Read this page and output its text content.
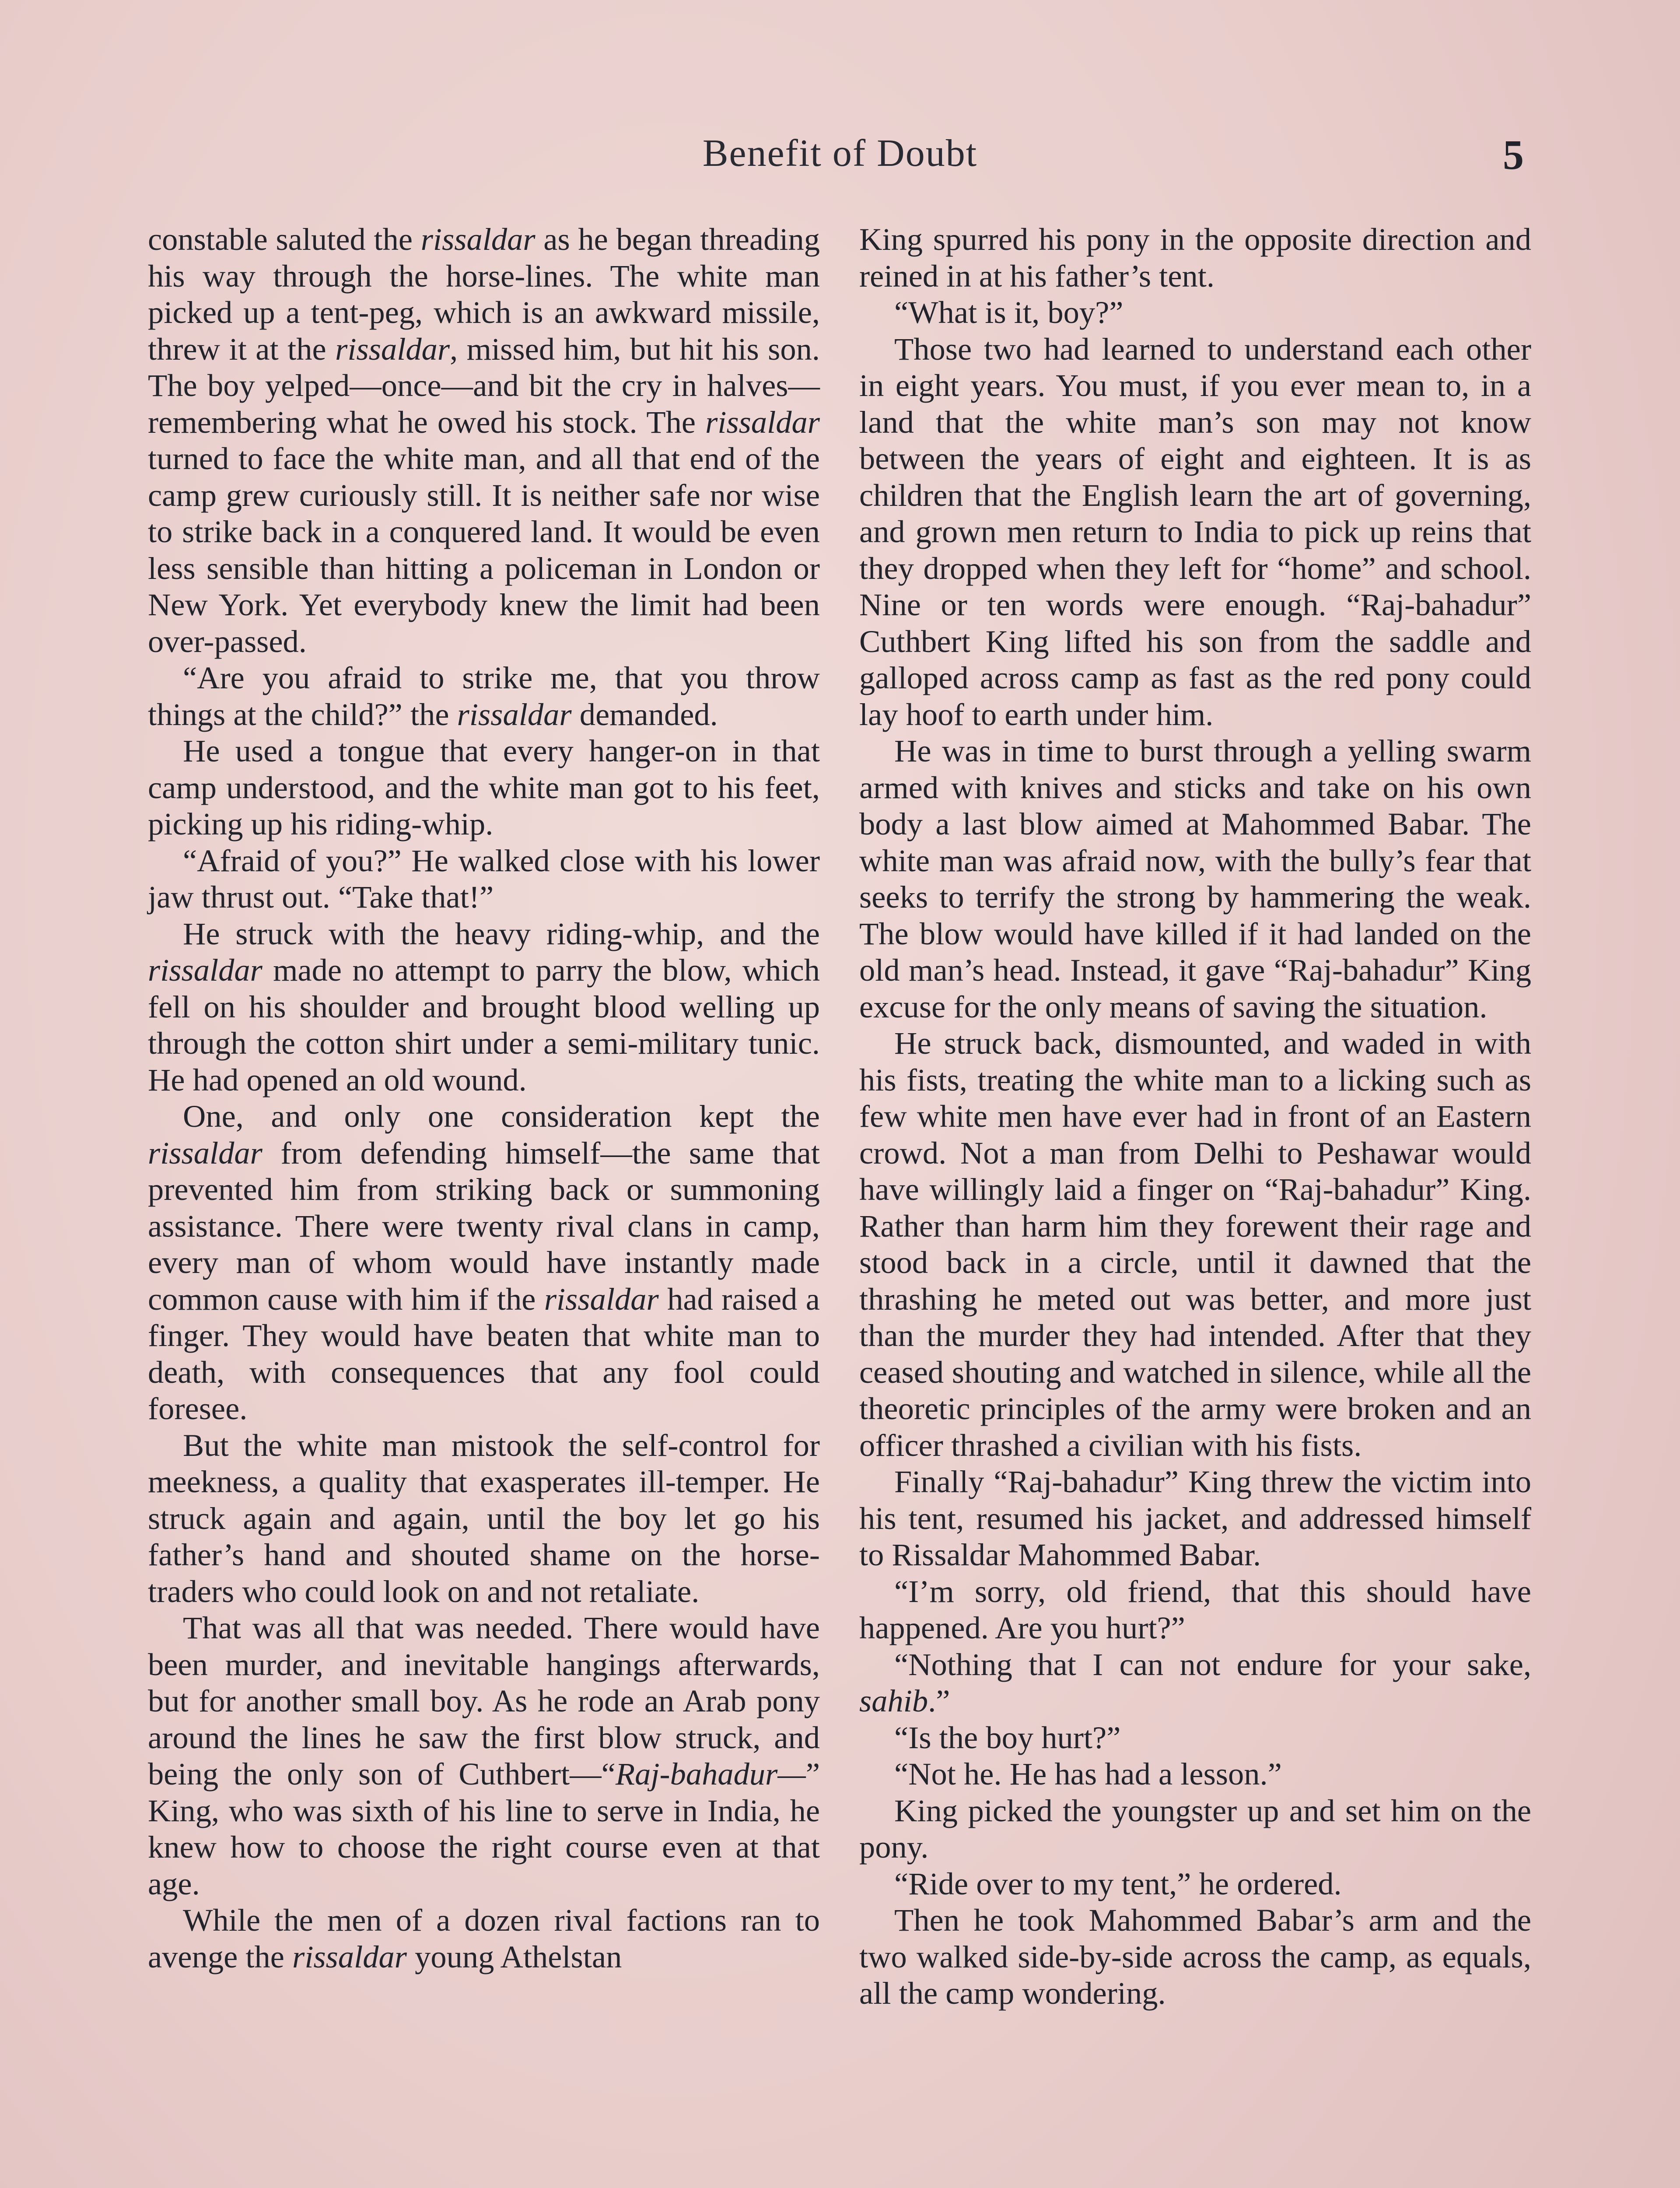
Benefit of Doubt	5

constable saluted the rissaldar as he began threading his way through the horse-lines. The white man picked up a tent-peg, which is an awkward missile, threw it at the rissaldar, missed him, but hit his son. The boy yelped—once—and bit the cry in halves—remembering what he owed his stock. The rissaldar turned to face the white man, and all that end of the camp grew curiously still. It is neither safe nor wise to strike back in a conquered land. It would be even less sensible than hitting a policeman in London or New York. Yet everybody knew the limit had been over-passed.

“Are you afraid to strike me, that you throw things at the child?” the rissaldar demanded.

He used a tongue that every hanger-on in that camp understood, and the white man got to his feet, picking up his riding-whip.

“Afraid of you?” He walked close with his lower jaw thrust out. “Take that!”

He struck with the heavy riding-whip, and the rissaldar made no attempt to parry the blow, which fell on his shoulder and brought blood welling up through the cotton shirt under a semi-military tunic. He had opened an old wound.

One, and only one consideration kept the rissaldar from defending himself—the same that prevented him from striking back or summoning assistance. There were twenty rival clans in camp, every man of whom would have instantly made common cause with him if the rissaldar had raised a finger. They would have beaten that white man to death, with consequences that any fool could foresee.

But the white man mistook the self-control for meekness, a quality that exasperates ill-temper. He struck again and again, until the boy let go his father’s hand and shouted shame on the horse-traders who could look on and not retaliate.

That was all that was needed. There would have been murder, and inevitable hangings afterwards, but for another small boy. As he rode an Arab pony around the lines he saw the first blow struck, and being the only son of Cuthbert—“Raj-bahadur—” King, who was sixth of his line to serve in India, he knew how to choose the right course even at that age.

While the men of a dozen rival factions ran to avenge the rissaldar young Athelstan

King spurred his pony in the opposite direction and reined in at his father’s tent.

“What is it, boy?”

Those two had learned to understand each other in eight years. You must, if you ever mean to, in a land that the white man’s son may not know between the years of eight and eighteen. It is as children that the English learn the art of governing, and grown men return to India to pick up reins that they dropped when they left for “home” and school. Nine or ten words were enough. “Raj-bahadur” Cuthbert King lifted his son from the saddle and galloped across camp as fast as the red pony could lay hoof to earth under him.

He was in time to burst through a yelling swarm armed with knives and sticks and take on his own body a last blow aimed at Mahommed Babar. The white man was afraid now, with the bully’s fear that seeks to terrify the strong by hammering the weak. The blow would have killed if it had landed on the old man’s head. Instead, it gave “Raj-bahadur” King excuse for the only means of saving the situation.

He struck back, dismounted, and waded in with his fists, treating the white man to a licking such as few white men have ever had in front of an Eastern crowd. Not a man from Delhi to Peshawar would have willingly laid a finger on “Raj-bahadur” King. Rather than harm him they forewent their rage and stood back in a circle, until it dawned that the thrashing he meted out was better, and more just than the murder they had intended. After that they ceased shouting and watched in silence, while all the theoretic principles of the army were broken and an officer thrashed a civilian with his fists.

Finally “Raj-bahadur” King threw the victim into his tent, resumed his jacket, and addressed himself to Rissaldar Mahommed Babar.

“I’m sorry, old friend, that this should have happened. Are you hurt?”

“Nothing that I can not endure for your sake, sahib.”

“Is the boy hurt?”

“Not he. He has had a lesson.”

King picked the youngster up and set him on the pony.

“Ride over to my tent,” he ordered.

Then he took Mahommed Babar’s arm and the two walked side-by-side across the camp, as equals, all the camp wondering.
